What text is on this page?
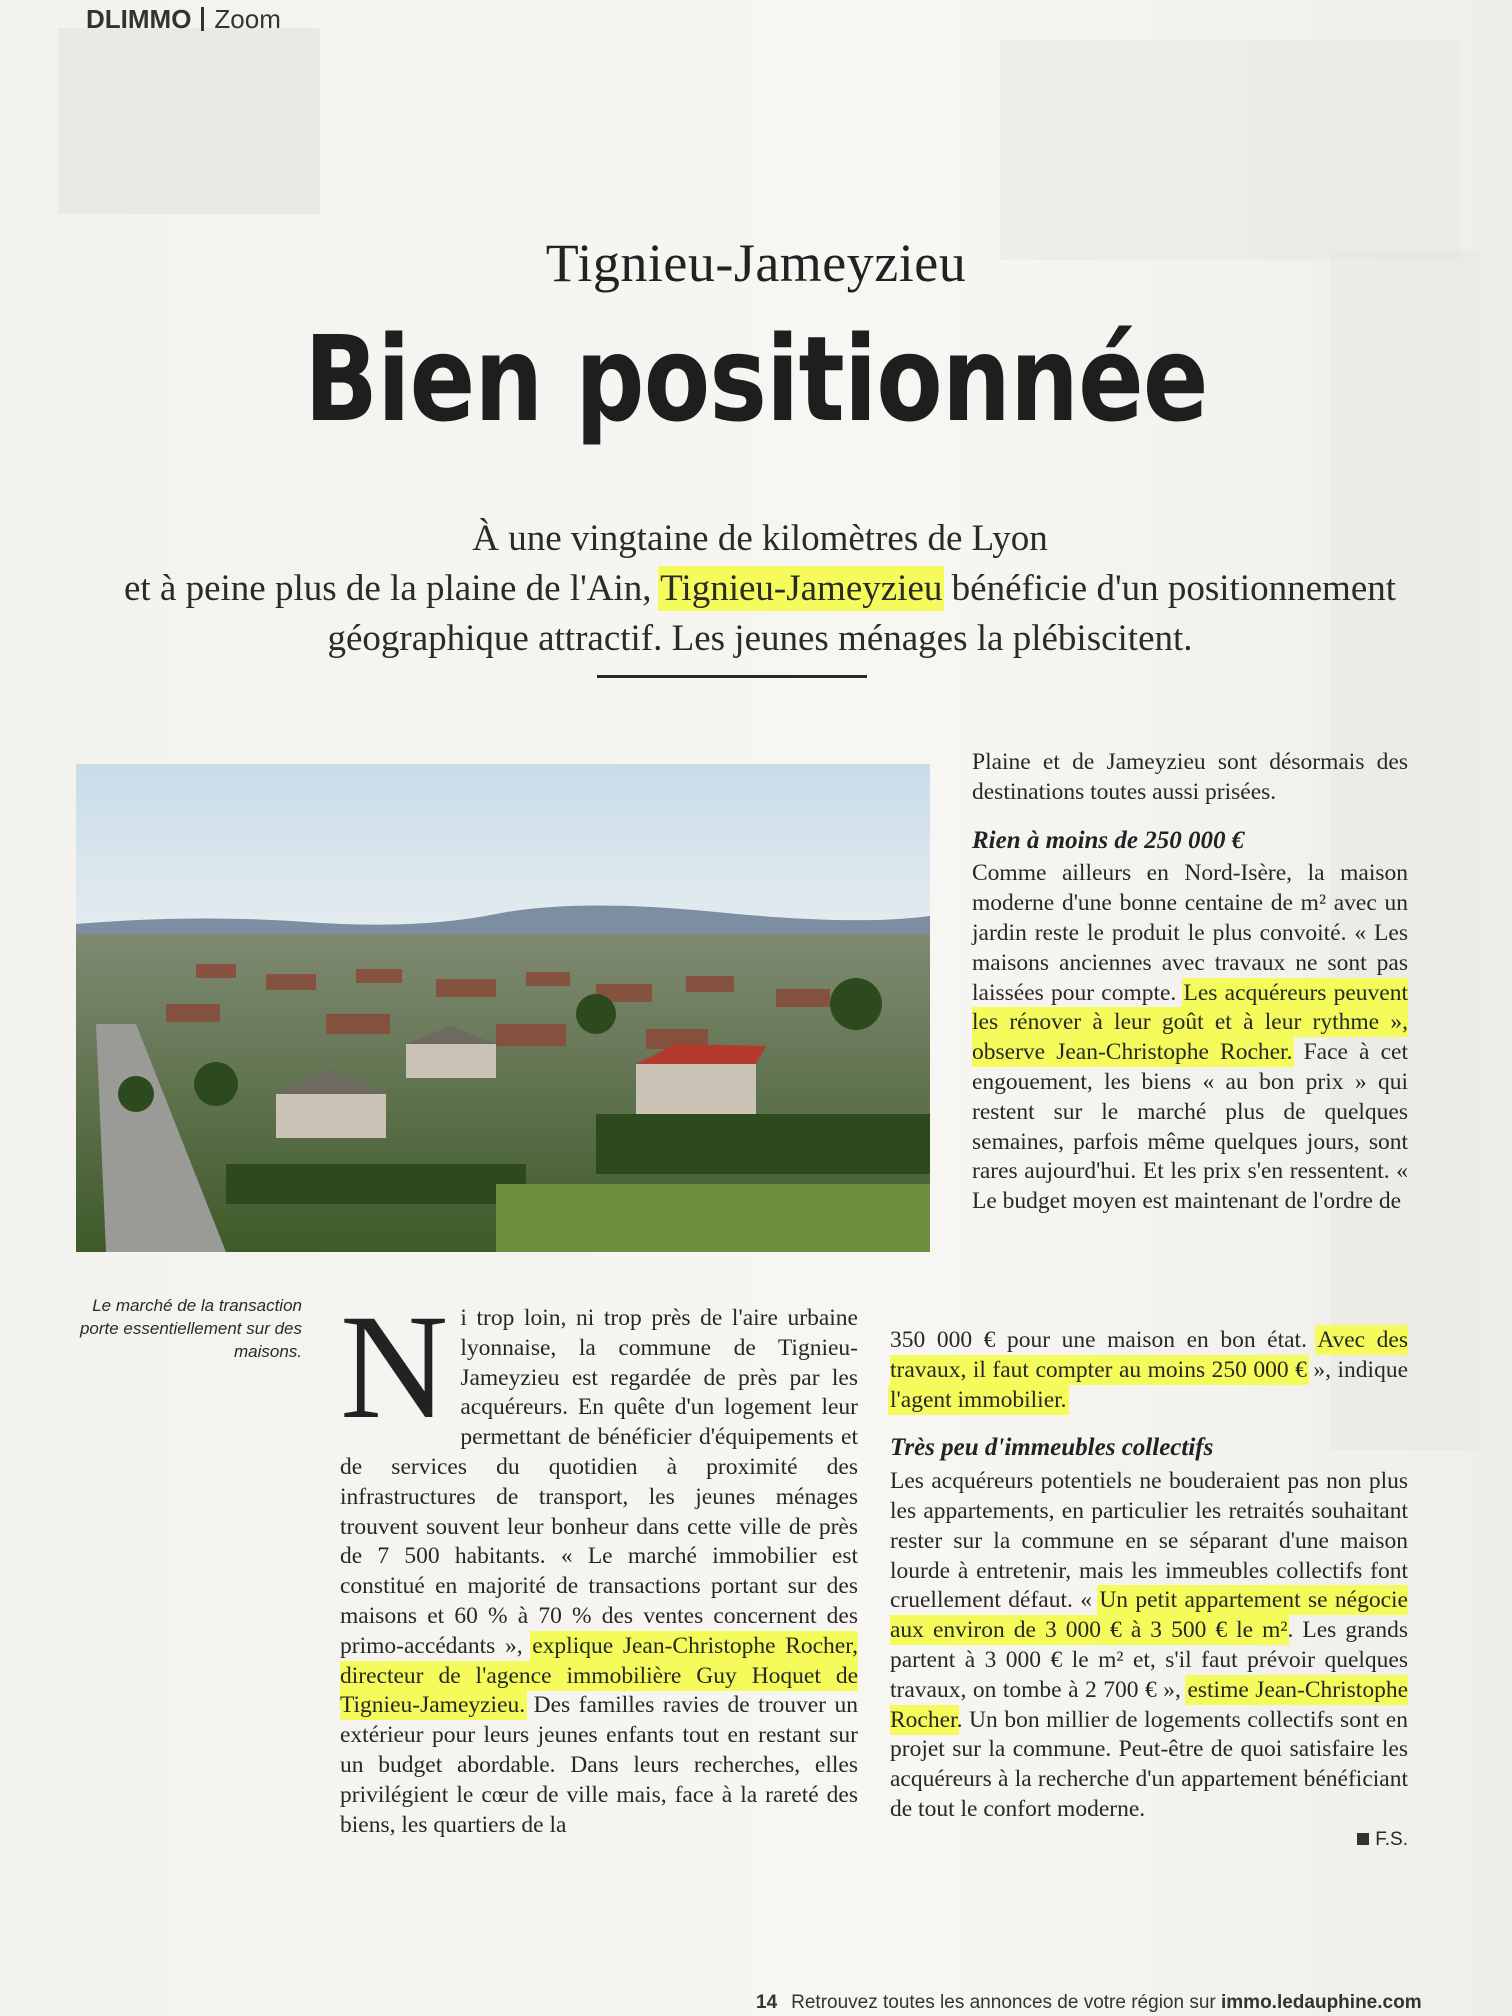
DLIMMO Zoom
Tignieu-Jameyzieu
Bien positionnée
À une vingtaine de kilomètres de Lyon
et à peine plus de la plaine de l'Ain, Tignieu-Jameyzieu bénéficie d'un positionnement
géographique attractif. Les jeunes ménages la plébiscitent.
Le marché de la transaction porte essentiellement sur des maisons. Ni trop loin, ni trop près de l'aire urbaine lyonnaise, la commune de Tignieu-Jameyzieu est regardée de près par les acquéreurs. En quête d'un logement leur permettant de bénéficier d'équipements et de services du quotidien à proximité des infrastructures de transport, les jeunes ménages trouvent souvent leur bonheur dans cette ville de près de 7 500 habitants. « Le marché immobilier est constitué en majorité de transactions portant sur des maisons et 60 % à 70 % des ventes concernent des primo-accédants », explique Jean-Christophe Rocher, directeur de l'agence immobilière Guy Hoquet de Tignieu-Jameyzieu. Des familles ravies de trouver un extérieur pour leurs jeunes enfants tout en restant sur un budget abordable. Dans leurs recherches, elles privilégient le cœur de ville mais, face à la rareté des biens, les quartiers de la

Plaine et de Jameyzieu sont désormais des destinations toutes aussi prisées.

Rien à moins de 250 000 €

Comme ailleurs en Nord-Isère, la maison moderne d'une bonne centaine de m² avec un jardin reste le produit le plus convoité. « Les maisons anciennes avec travaux ne sont pas laissées pour compte. Les acquéreurs peuvent les rénover à leur goût et à leur rythme », observe Jean-Christophe Rocher. Face à cet engouement, les biens « au bon prix » qui restent sur le marché plus de quelques semaines, parfois même quelques jours, sont rares aujourd'hui. Et les prix s'en ressentent. « Le budget moyen est maintenant de l'ordre de

350 000 € pour une maison en bon état. Avec des travaux, il faut compter au moins 250 000 € », indique l'agent immobilier.

Très peu d'immeubles collectifs

Les acquéreurs potentiels ne bouderaient pas non plus les appartements, en particulier les retraités souhaitant rester sur la commune en se séparant d'une maison lourde à entretenir, mais les immeubles collectifs font cruellement défaut. « Un petit appartement se négocie aux environ de 3 000 € à 3 500 € le m². Les grands partent à 3 000 € le m² et, s'il faut prévoir quelques travaux, on tombe à 2 700 € », estime Jean-Christophe Rocher. Un bon millier de logements collectifs sont en projet sur la commune. Peut-être de quoi satisfaire les acquéreurs à la recherche d'un appartement bénéficiant de tout le confort moderne.

F.S.
14 Retrouvez toutes les annonces de votre région sur immo.ledauphine.com
